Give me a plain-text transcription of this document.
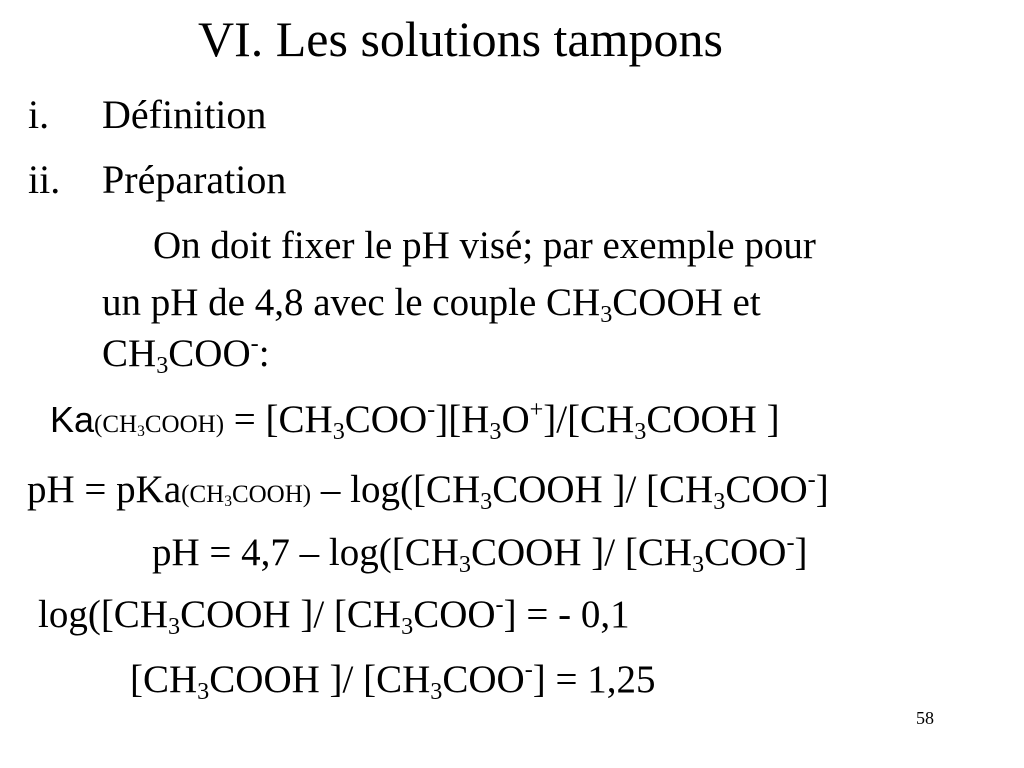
VI. Les solutions tampons
i. Définition
ii. Préparation
On doit fixer le pH visé; par exemple pour
un pH de 4,8 avec le couple $CH_3COOH$ et
$CH_3COO^-$:
$Ka(CH_3COOH)$ = $[CH_3COO^-][H_3O^+]/[CH_3COOH$ ]
pH = $pKa(CH_3COOH)$ – $\log([CH_3COOH$ ]/ $[CH_3COO^-]$
pH = $4,7 - \log([CH_3COOH$ ]/ $[CH_3COO^-]$
$\log([CH_3COOH$ ]/ $[CH_3COO^-]$ = - 0,1
[$CH_3COOH$ ]/ $[CH_3COO^-] = 1,25$
58
